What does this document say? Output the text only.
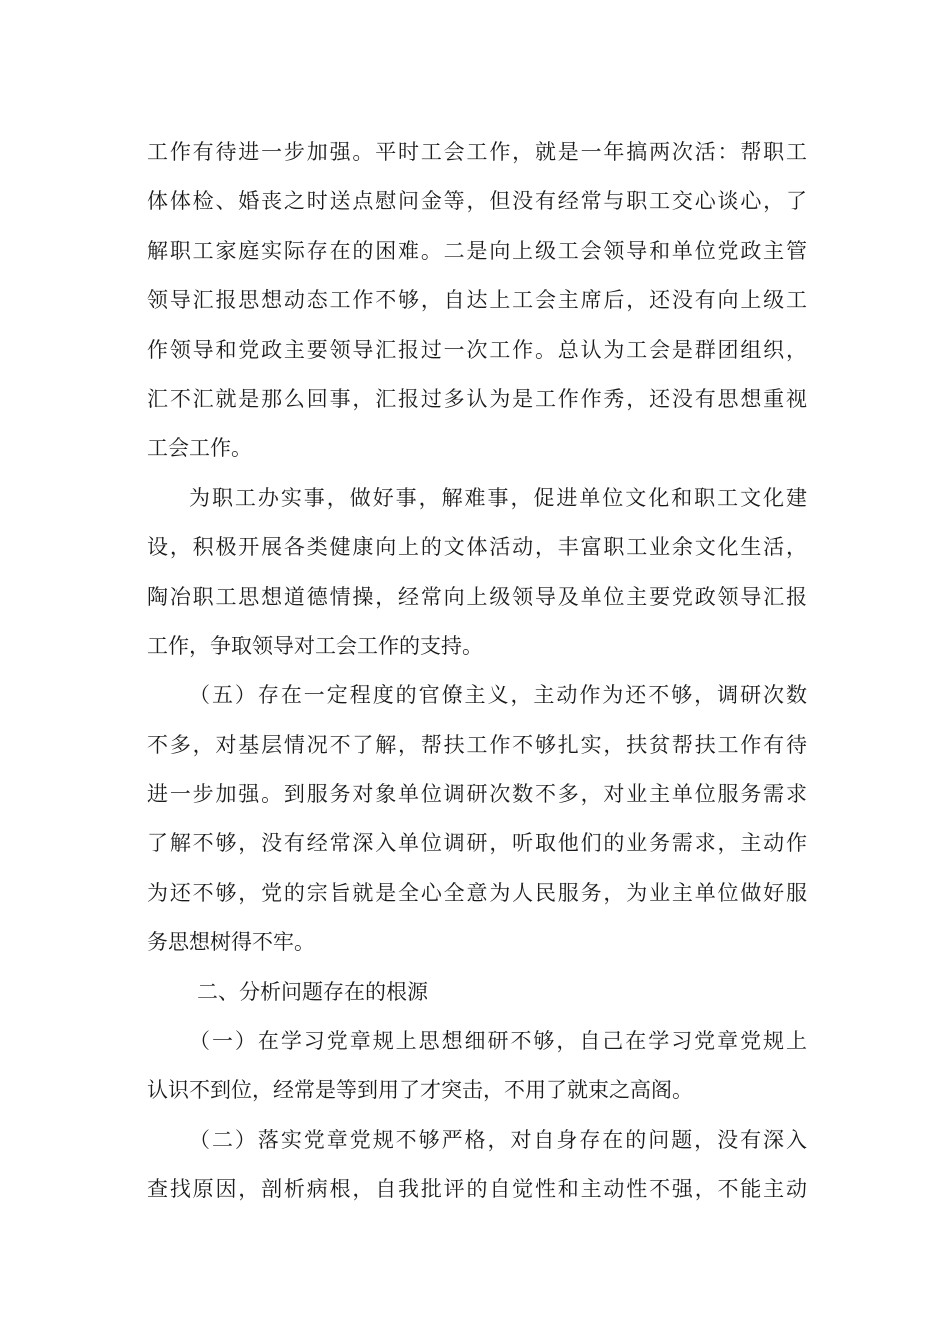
工作有待进一步加强。平时工会工作，就是一年搞两次活：帮职工
体体检、婚丧之时送点慰问金等，但没有经常与职工交心谈心，了
解职工家庭实际存在的困难。二是向上级工会领导和单位党政主管
领导汇报思想动态工作不够，自达上工会主席后，还没有向上级工
作领导和党政主要领导汇报过一次工作。总认为工会是群团组织，
汇不汇就是那么回事，汇报过多认为是工作作秀，还没有思想重视
工会工作。
为职工办实事，做好事，解难事，促进单位文化和职工文化建
设，积极开展各类健康向上的文体活动，丰富职工业余文化生活，
陶冶职工思想道德情操，经常向上级领导及单位主要党政领导汇报
工作，争取领导对工会工作的支持。
（五）存在一定程度的官僚主义，主动作为还不够，调研次数
不多，对基层情况不了解，帮扶工作不够扎实，扶贫帮扶工作有待
进一步加强。到服务对象单位调研次数不多，对业主单位服务需求
了解不够，没有经常深入单位调研，听取他们的业务需求，主动作
为还不够，党的宗旨就是全心全意为人民服务，为业主单位做好服
务思想树得不牢。
二、分析问题存在的根源
（一）在学习党章规上思想细研不够，自己在学习党章党规上
认识不到位，经常是等到用了才突击，不用了就束之高阁。
（二）落实党章党规不够严格，对自身存在的问题，没有深入
查找原因，剖析病根，自我批评的自觉性和主动性不强，不能主动
